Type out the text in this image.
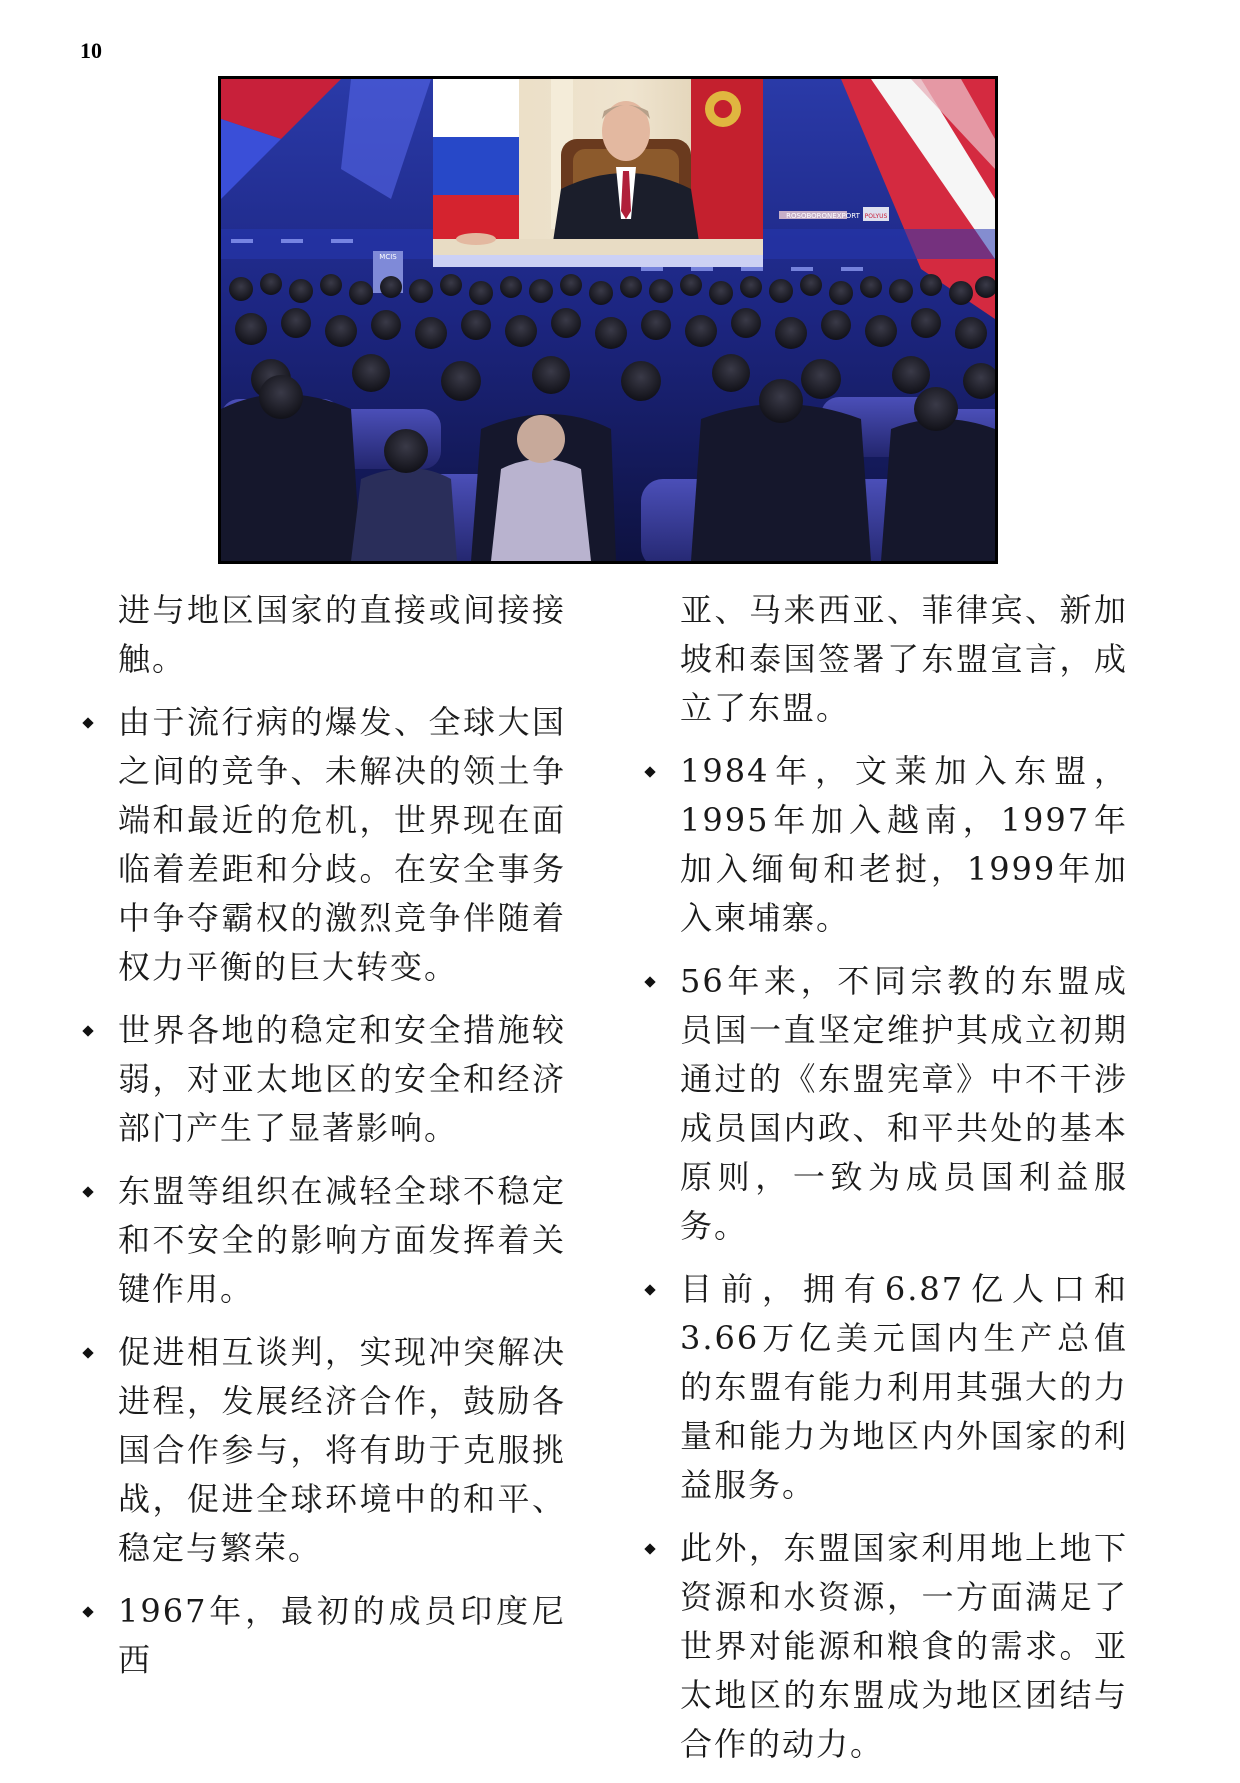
10
MCIS
ROSOBORONEXPORT POLYUS

进与地区国家的直接或间接接触。

由于流行病的爆发、全球大国之间的竞争、未解决的领土争端和最近的危机，世界现在面临着差距和分歧。在安全事务中争夺霸权的激烈竞争伴随着权力平衡的巨大转变。
世界各地的稳定和安全措施较弱，对亚太地区的安全和经济部门产生了显著影响。
东盟等组织在减轻全球不稳定和不安全的影响方面发挥着关键作用。
促进相互谈判，实现冲突解决进程，发展经济合作，鼓励各国合作参与，将有助于克服挑战，促进全球环境中的和平、稳定与繁荣。
1967年，最初的成员印度尼西

亚、马来西亚、菲律宾、新加坡和泰国签署了东盟宣言，成立了东盟。

1984年，文莱加入东盟，1995年加入越南，1997年加入缅甸和老挝，1999年加入柬埔寨。
56年来，不同宗教的东盟成员国一直坚定维护其成立初期通过的《东盟宪章》中不干涉成员国内政、和平共处的基本原则，一致为成员国利益服务。
目前，拥有6.87亿人口和3.66万亿美元国内生产总值的东盟有能力利用其强大的力量和能力为地区内外国家的利益服务。
此外，东盟国家利用地上地下资源和水资源，一方面满足了世界对能源和粮食的需求。亚太地区的东盟成为地区团结与合作的动力。
